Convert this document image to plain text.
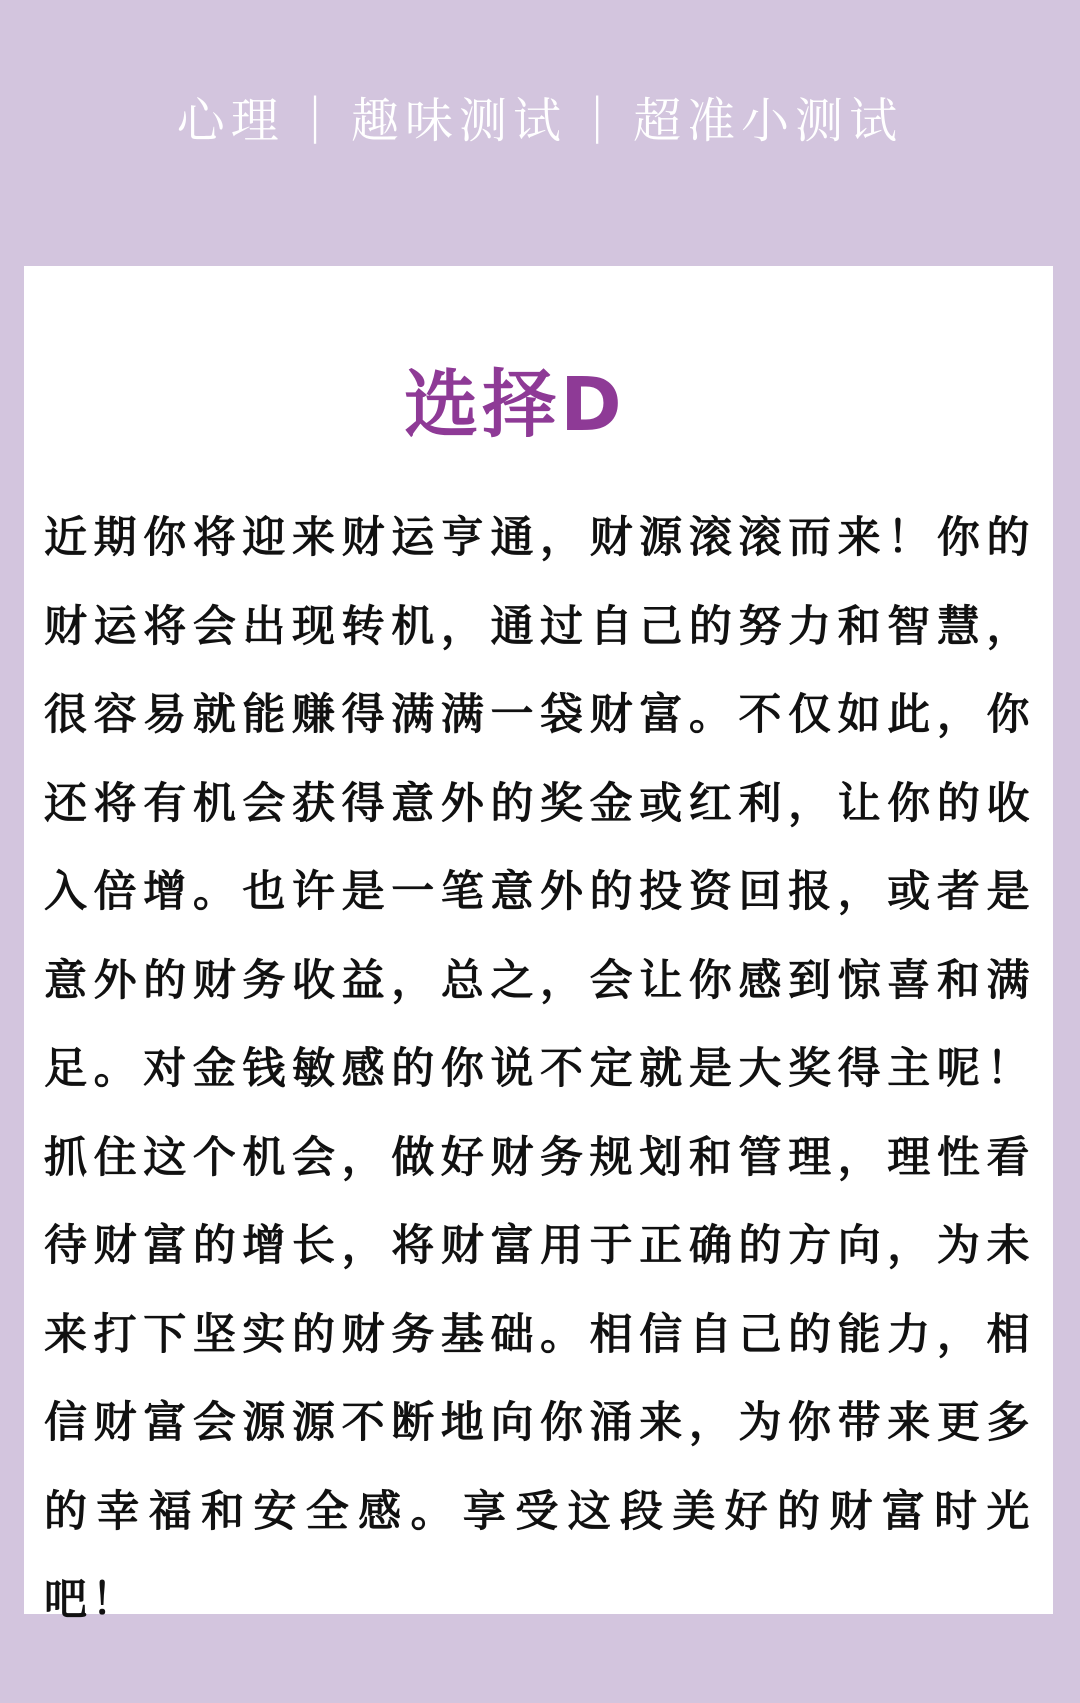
心理 | 趣味测试 | 超准小测试
选择D

近期你将迎来财运亨通，财源滚滚而来！你的财运将会出现转机，通过自己的努力和智慧，很容易就能赚得满满一袋财富。不仅如此，你还将有机会获得意外的奖金或红利，让你的收入倍增。也许是一笔意外的投资回报，或者是意外的财务收益，总之，会让你感到惊喜和满足。对金钱敏感的你说不定就是大奖得主呢！抓住这个机会，做好财务规划和管理，理性看待财富的增长，将财富用于正确的方向，为未来打下坚实的财务基础。相信自己的能力，相信财富会源源不断地向你涌来，为你带来更多的幸福和安全感。享受这段美好的财富时光吧！
